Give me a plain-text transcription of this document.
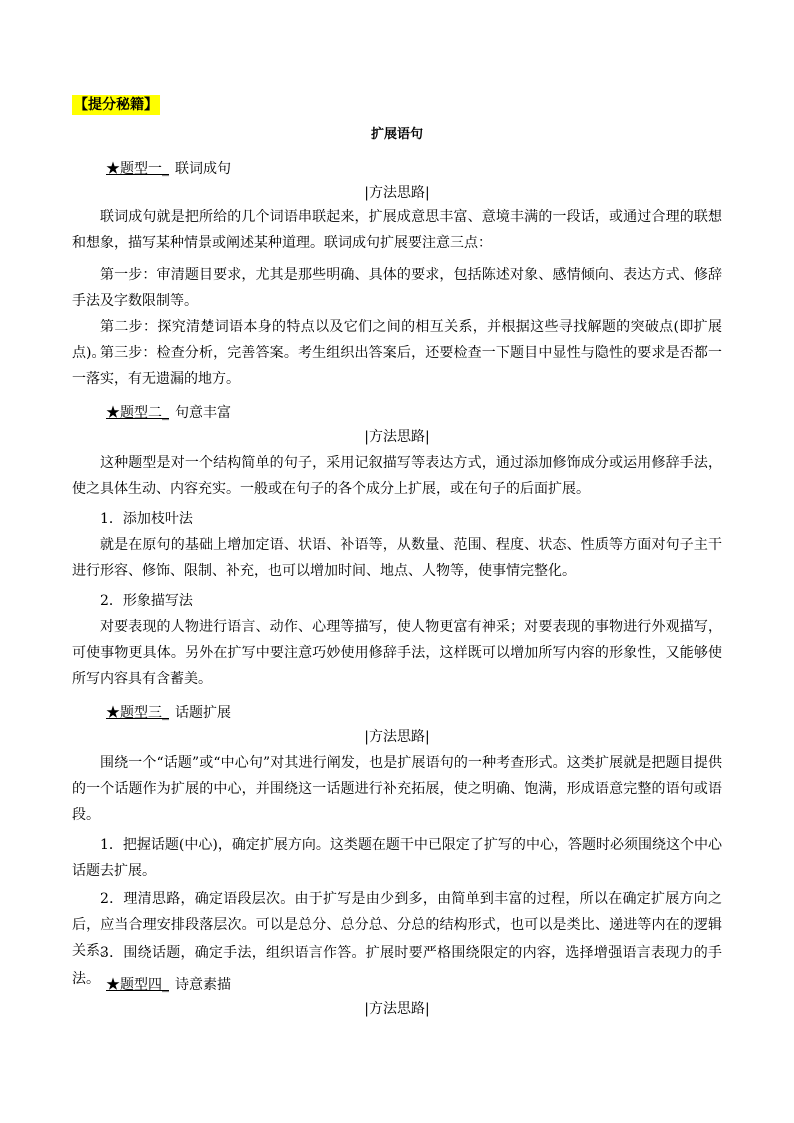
【提分秘籍】
扩展语句
★题型一_ 联词成句
|方法思路|
联词成句就是把所给的几个词语串联起来，扩展成意思丰富、意境丰满的一段话，或通过合理的联想和想象，描写某种情景或阐述某种道理。联词成句扩展要注意三点：
第一步：审清题目要求，尤其是那些明确、具体的要求，包括陈述对象、感情倾向、表达方式、修辞手法及字数限制等。
第二步：探究清楚词语本身的特点以及它们之间的相互关系，并根据这些寻找解题的突破点(即扩展点)。
第三步：检查分析，完善答案。考生组织出答案后，还要检查一下题目中显性与隐性的要求是否都一一落实，有无遗漏的地方。
★题型二_ 句意丰富
|方法思路|
这种题型是对一个结构简单的句子，采用记叙描写等表达方式，通过添加修饰成分或运用修辞手法，使之具体生动、内容充实。一般或在句子的各个成分上扩展，或在句子的后面扩展。
1．添加枝叶法
就是在原句的基础上增加定语、状语、补语等，从数量、范围、程度、状态、性质等方面对句子主干进行形容、修饰、限制、补充，也可以增加时间、地点、人物等，使事情完整化。
2．形象描写法
对要表现的人物进行语言、动作、心理等描写，使人物更富有神采；对要表现的事物进行外观描写，可使事物更具体。另外在扩写中要注意巧妙使用修辞手法，这样既可以增加所写内容的形象性，又能够使所写内容具有含蓄美。
★题型三_ 话题扩展
|方法思路|
围绕一个“话题”或“中心句”对其进行阐发，也是扩展语句的一种考查形式。这类扩展就是把题目提供的一个话题作为扩展的中心，并围绕这一话题进行补充拓展，使之明确、饱满，形成语意完整的语句或语段。
1．把握话题(中心)，确定扩展方向。这类题在题干中已限定了扩写的中心，答题时必须围绕这个中心话题去扩展。
2．理清思路，确定语段层次。由于扩写是由少到多，由简单到丰富的过程，所以在确定扩展方向之后，应当合理安排段落层次。可以是总分、总分总、分总的结构形式，也可以是类比、递进等内在的逻辑关系。
3．围绕话题，确定手法，组织语言作答。扩展时要严格围绕限定的内容，选择增强语言表现力的手法。 ★题型四_ 诗意素描
|方法思路|
